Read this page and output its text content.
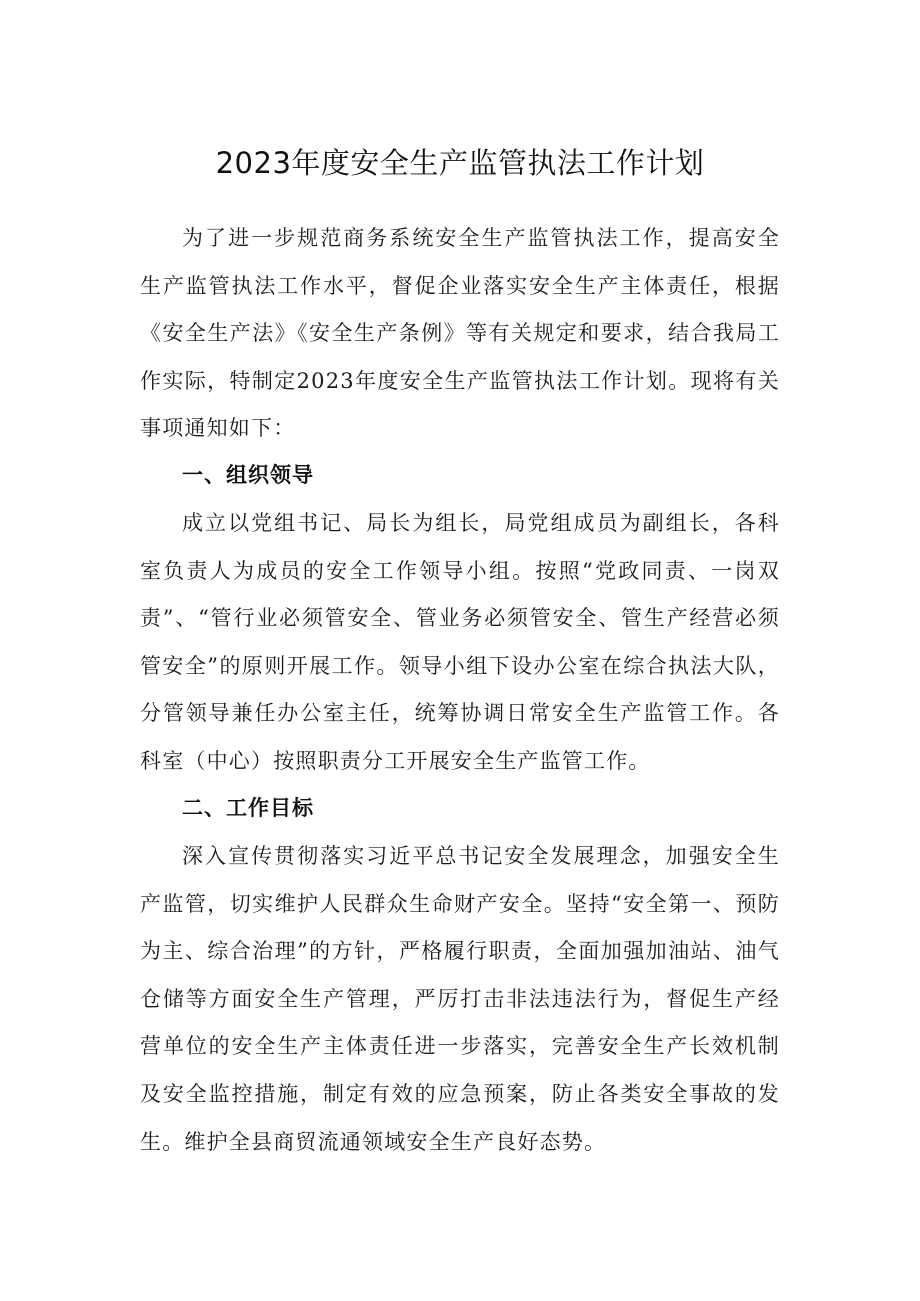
2023年度安全生产监管执法工作计划

为了进一步规范商务系统安全生产监管执法工作，提高安全生产监管执法工作水平，督促企业落实安全生产主体责任，根据《安全生产法》《安全生产条例》等有关规定和要求，结合我局工作实际，特制定2023年度安全生产监管执法工作计划。现将有关事项通知如下：

一、组织领导

成立以党组书记、局长为组长，局党组成员为副组长，各科室负责人为成员的安全工作领导小组。按照“党政同责、一岗双责”、“管行业必须管安全、管业务必须管安全、管生产经营必须管安全”的原则开展工作。领导小组下设办公室在综合执法大队，分管领导兼任办公室主任，统筹协调日常安全生产监管工作。各科室（中心）按照职责分工开展安全生产监管工作。

二、工作目标

深入宣传贯彻落实习近平总书记安全发展理念，加强安全生产监管，切实维护人民群众生命财产安全。坚持“安全第一、预防为主、综合治理”的方针，严格履行职责，全面加强加油站、油气仓储等方面安全生产管理，严厉打击非法违法行为，督促生产经营单位的安全生产主体责任进一步落实，完善安全生产长效机制及安全监控措施，制定有效的应急预案，防止各类安全事故的发生。维护全县商贸流通领域安全生产良好态势。
